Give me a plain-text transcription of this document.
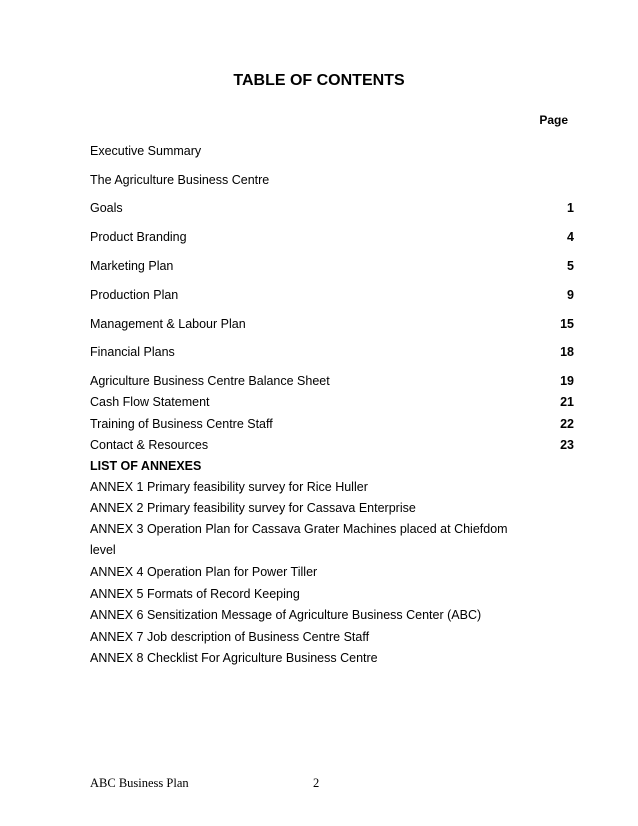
TABLE OF CONTENTS
Page
Executive Summary
The Agriculture Business Centre
Goals	1
Product Branding	4
Marketing Plan	5
Production Plan	9
Management & Labour Plan	15
Financial Plans	18
Agriculture Business Centre Balance Sheet	19
Cash Flow Statement	21
Training of Business Centre Staff	22
Contact & Resources	23
LIST OF ANNEXES
ANNEX 1 Primary feasibility survey for Rice Huller
ANNEX 2 Primary feasibility survey for Cassava Enterprise
ANNEX 3 Operation Plan for Cassava Grater Machines placed at Chiefdom level
ANNEX 4 Operation Plan for Power Tiller
ANNEX 5 Formats of Record Keeping
ANNEX 6 Sensitization Message of Agriculture Business Center (ABC)
ANNEX 7 Job description of Business Centre Staff
ANNEX 8 Checklist For Agriculture Business Centre
ABC Business Plan	2
